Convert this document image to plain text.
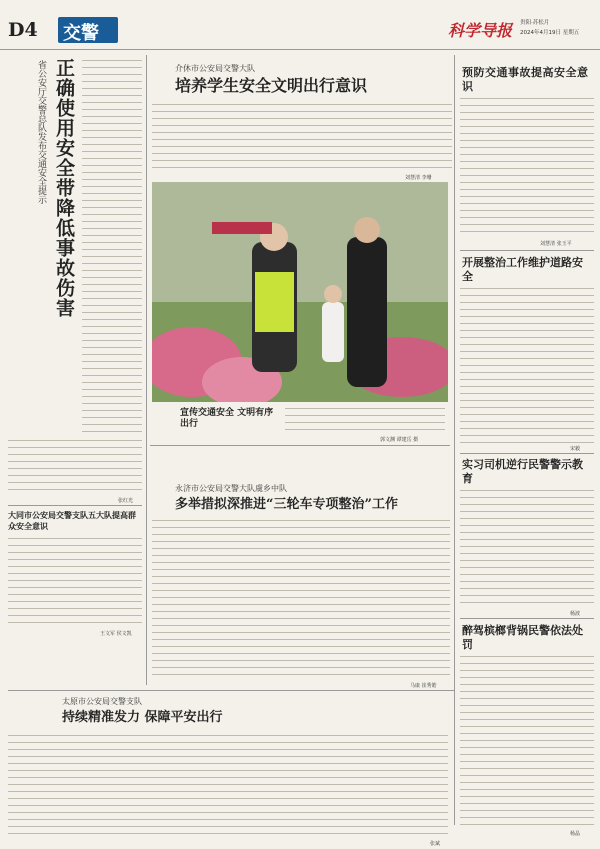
D4 交警	科学导报 贵阳·苏松月
2024年4月19日 星期五
正确使用安全带降低事故伤害
省公安厅交警总队发布交通安全提示
张红光
大同市公安局交警支队五大队提高群众安全意识
王文军 侯文凯
介休市公安局交警大队
培养学生安全文明出行意识
刘慧清 李珊
宣传交通安全 文明有序出行
郭文渊 谭建岳 摄
预防交通事故提高安全意识
刘慧清 张玉平
开展整治工作维护道路安全
宋毅
实习司机逆行民警警示教育
杨波
醉驾槟榔背锅民警依法处罚
杨晶
永济市公安局交警大队虞乡中队
多举措拟深推进“三轮车专项整治”工作
马康 崔秀皓
太原市公安局交警支队
持续精准发力 保障平安出行
张斌
